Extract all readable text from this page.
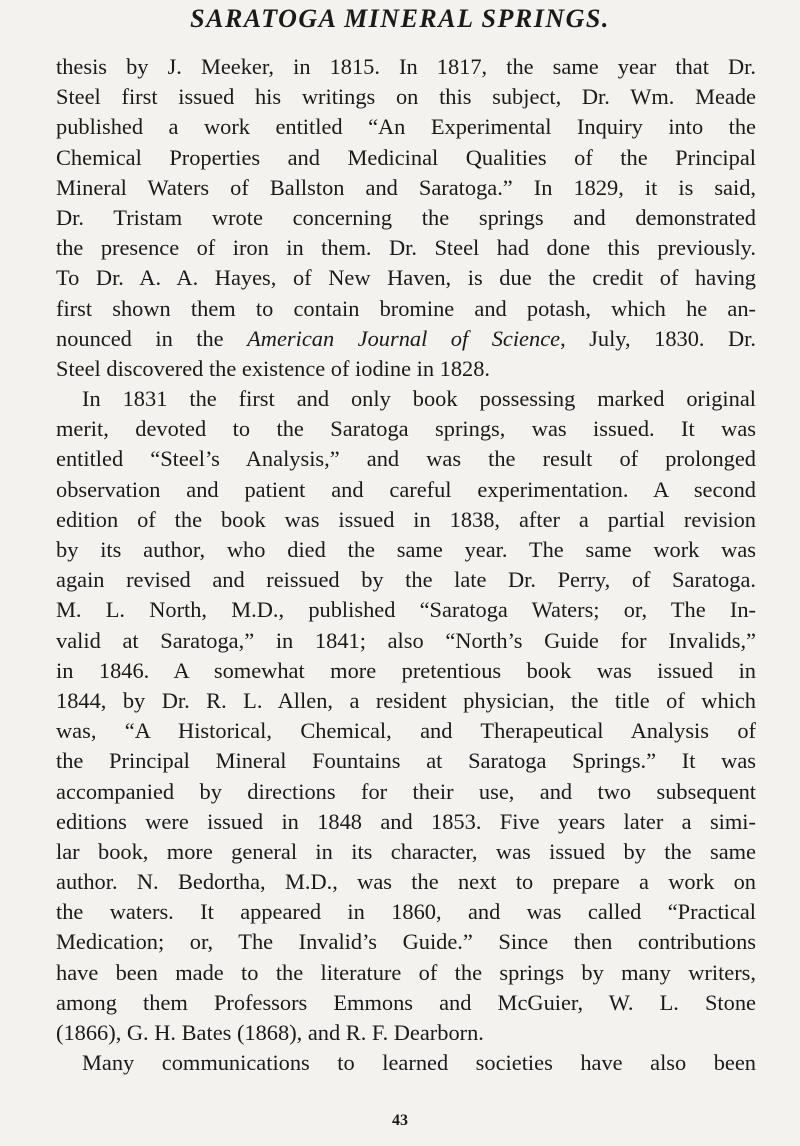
SARATOGA MINERAL SPRINGS.
thesis by J. Meeker, in 1815. In 1817, the same year that Dr.
Steel first issued his writings on this subject, Dr. Wm. Meade
published a work entitled “An Experimental Inquiry into the
Chemical Properties and Medicinal Qualities of the Principal
Mineral Waters of Ballston and Saratoga.” In 1829, it is said,
Dr. Tristam wrote concerning the springs and demonstrated
the presence of iron in them. Dr. Steel had done this previously.
To Dr. A. A. Hayes, of New Haven, is due the credit of having
first shown them to contain bromine and potash, which he an-
nounced in the American Journal of Science, July, 1830. Dr.
Steel discovered the existence of iodine in 1828.
In 1831 the first and only book possessing marked original
merit, devoted to the Saratoga springs, was issued. It was
entitled “Steel’s Analysis,” and was the result of prolonged
observation and patient and careful experimentation. A second
edition of the book was issued in 1838, after a partial revision
by its author, who died the same year. The same work was
again revised and reissued by the late Dr. Perry, of Saratoga.
M. L. North, M.D., published “Saratoga Waters; or, The In-
valid at Saratoga,” in 1841; also “North’s Guide for Invalids,”
in 1846. A somewhat more pretentious book was issued in
1844, by Dr. R. L. Allen, a resident physician, the title of which
was, “A Historical, Chemical, and Therapeutical Analysis of
the Principal Mineral Fountains at Saratoga Springs.” It was
accompanied by directions for their use, and two subsequent
editions were issued in 1848 and 1853. Five years later a simi-
lar book, more general in its character, was issued by the same
author. N. Bedortha, M.D., was the next to prepare a work on
the waters. It appeared in 1860, and was called “Practical
Medication; or, The Invalid’s Guide.” Since then contributions
have been made to the literature of the springs by many writers,
among them Professors Emmons and McGuier, W. L. Stone
(1866), G. H. Bates (1868), and R. F. Dearborn.
Many communications to learned societies have also been
43
